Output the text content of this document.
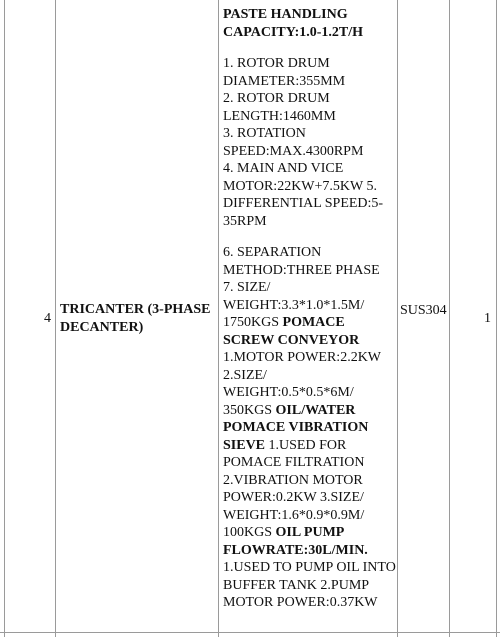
4
TRICANTER (3-PHASE DECANTER)

PASTE HANDLING CAPACITY:1.0-1.2T/H

1. ROTOR DRUM DIAMETER:355MM

2. ROTOR DRUM LENGTH:1460MM

3. ROTATION SPEED:MAX.4300RPM

4. MAIN AND VICE MOTOR:22KW+7.5KW 5. DIFFERENTIAL SPEED:5-35RPM

6. SEPARATION METHOD:THREE PHASE

7. SIZE/ WEIGHT:3.3*1.0*1.5M/ 1750KGS POMACE SCREW CONVEYOR 1.MOTOR POWER:2.2KW 2.SIZE/ WEIGHT:0.5*0.5*6M/ 350KGS OIL/WATER POMACE VIBRATION SIEVE 1.USED FOR POMACE FILTRATION 2.VIBRATION MOTOR POWER:0.2KW 3.SIZE/ WEIGHT:1.6*0.9*0.9M/ 100KGS OIL PUMP FLOWRATE:30L/MIN. 1.USED TO PUMP OIL INTO BUFFER TANK 2.PUMP MOTOR POWER:0.37KW

SUS304
1
